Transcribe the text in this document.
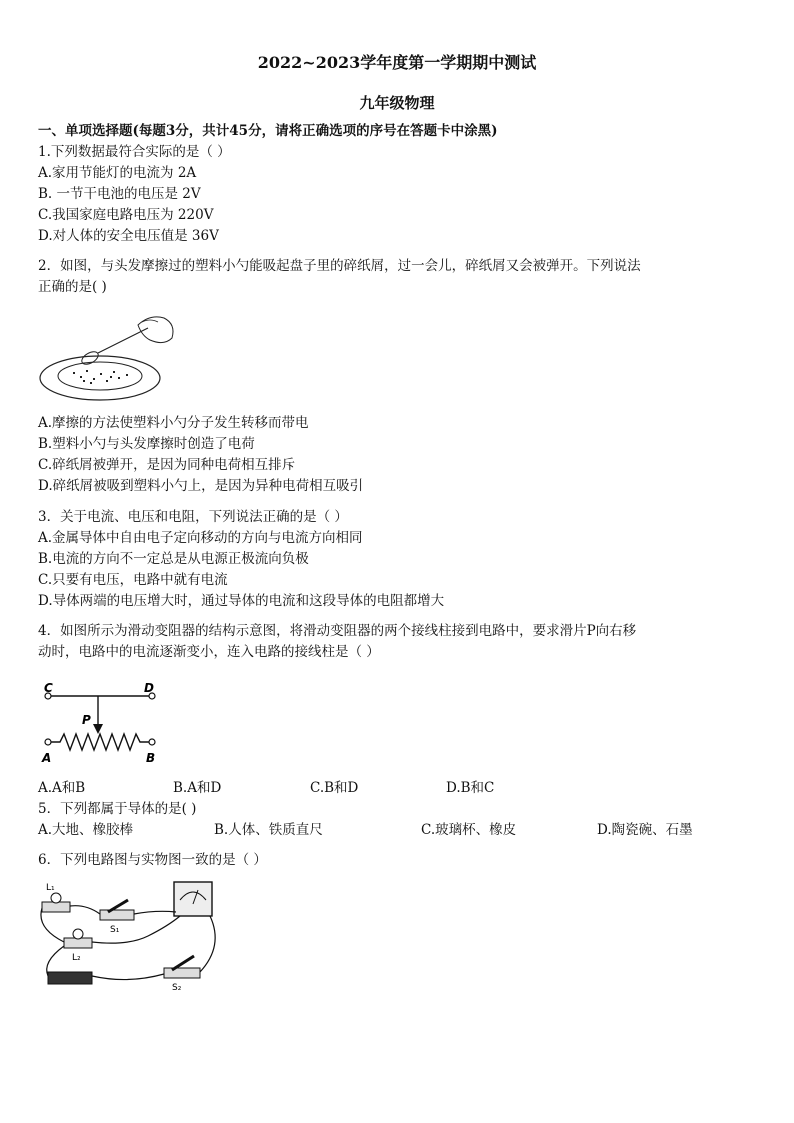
2022~2023学年度第一学期期中测试
九年级物理
一、单项选择题(每题3分，共计45分，请将正确选项的序号在答题卡中涂黑)
1.下列数据最符合实际的是（ ）
A.家用节能灯的电流为 2A
B. 一节干电池的电压是 2V
C.我国家庭电路电压为 220V
D.对人体的安全电压值是 36V
2．如图，与头发摩擦过的塑料小勺能吸起盘子里的碎纸屑，过一会儿，碎纸屑又会被弹开。下列说法
正确的是( )
A.摩擦的方法使塑料小勺分子发生转移而带电
B.塑料小勺与头发摩擦时创造了电荷
C.碎纸屑被弹开，是因为同种电荷相互排斥
D.碎纸屑被吸到塑料小勺上，是因为异种电荷相互吸引
3．关于电流、电压和电阻，下列说法正确的是（ ）
A.金属导体中自由电子定向移动的方向与电流方向相同
B.电流的方向不一定总是从电源正极流向负极
C.只要有电压，电路中就有电流
D.导体两端的电压增大时，通过导体的电流和这段导体的电阻都增大
4．如图所示为滑动变阻器的结构示意图，将滑动变阻器的两个接线柱接到电路中，要求滑片P向右移
动时，电路中的电流逐渐变小，连入电路的接线柱是（ ）
C	D
P
A	B
A.A和B	B.A和D	C.B和D	D.B和C
5．下列都属于导体的是( )
A.大地、橡胶棒	B.人体、铁质直尺	C.玻璃杯、橡皮	D.陶瓷碗、石墨
6．下列电路图与实物图一致的是（ ）
L₁
S₁
L₂
S₂
